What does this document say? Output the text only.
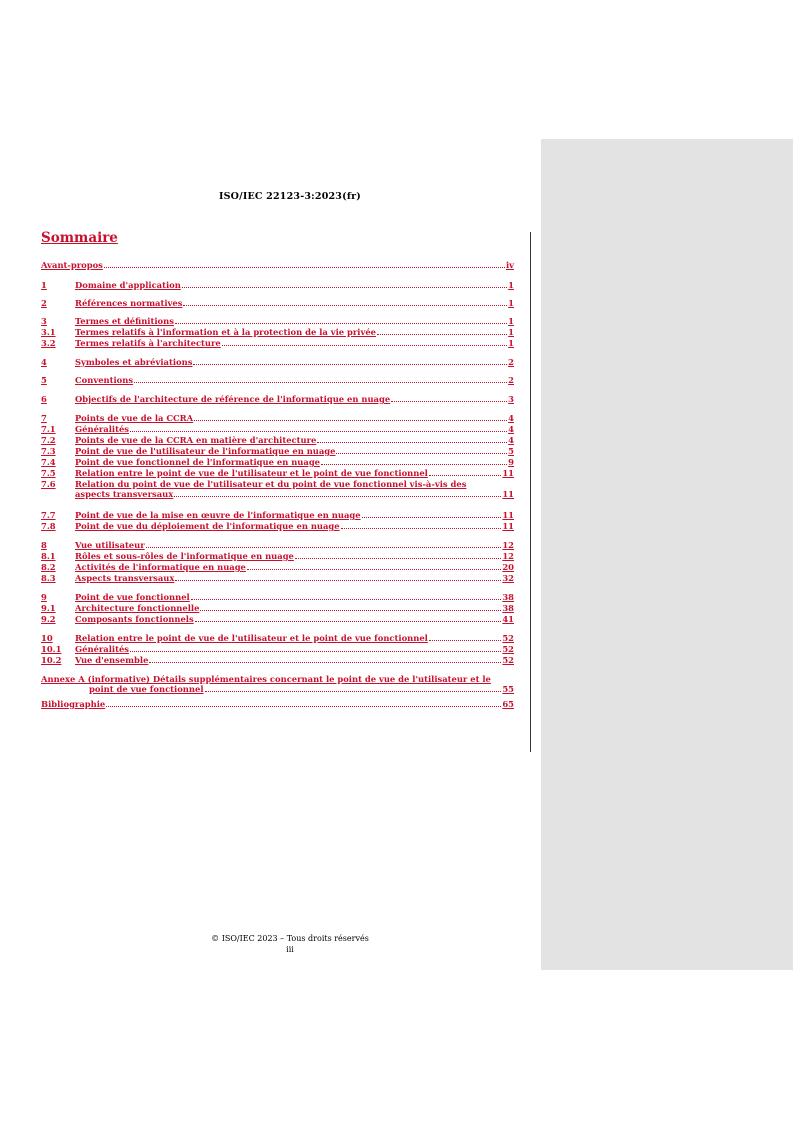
ISO/IEC 22123-3:2023(fr)
Sommaire
Avant-propos	iv
1	Domaine d'application	1
2	Références normatives	1
3	Termes et définitions	1
3.1	Termes relatifs à l'information et à la protection de la vie privée	1
3.2	Termes relatifs à l'architecture	1
4	Symboles et abréviations	2
5	Conventions	2
6	Objectifs de l'architecture de référence de l'informatique en nuage	3
7	Points de vue de la CCRA	4
7.1	Généralités	4
7.2	Points de vue de la CCRA en matière d'architecture	4
7.3	Point de vue de l'utilisateur de l'informatique en nuage	5
7.4	Point de vue fonctionnel de l'informatique en nuage	9
7.5	Relation entre le point de vue de l'utilisateur et le point de vue fonctionnel	11
7.6	Relation du point de vue de l'utilisateur et du point de vue fonctionnel vis-à-vis des
aspects transversaux	11
7.7	Point de vue de la mise en œuvre de l'informatique en nuage	11
7.8	Point de vue du déploiement de l'informatique en nuage	11
8	Vue utilisateur	12
8.1	Rôles et sous-rôles de l'informatique en nuage	12
8.2	Activités de l'informatique en nuage	20
8.3	Aspects transversaux	32
9	Point de vue fonctionnel	38
9.1	Architecture fonctionnelle	38
9.2	Composants fonctionnels	41
10	Relation entre le point de vue de l'utilisateur et le point de vue fonctionnel	52
10.1	Généralités	52
10.2	Vue d'ensemble	52
Annexe A (informative) Détails supplémentaires concernant le point de vue de l'utilisateur et le
point de vue fonctionnel	55
Bibliographie	65
© ISO/IEC 2023 – Tous droits réservés
iii
